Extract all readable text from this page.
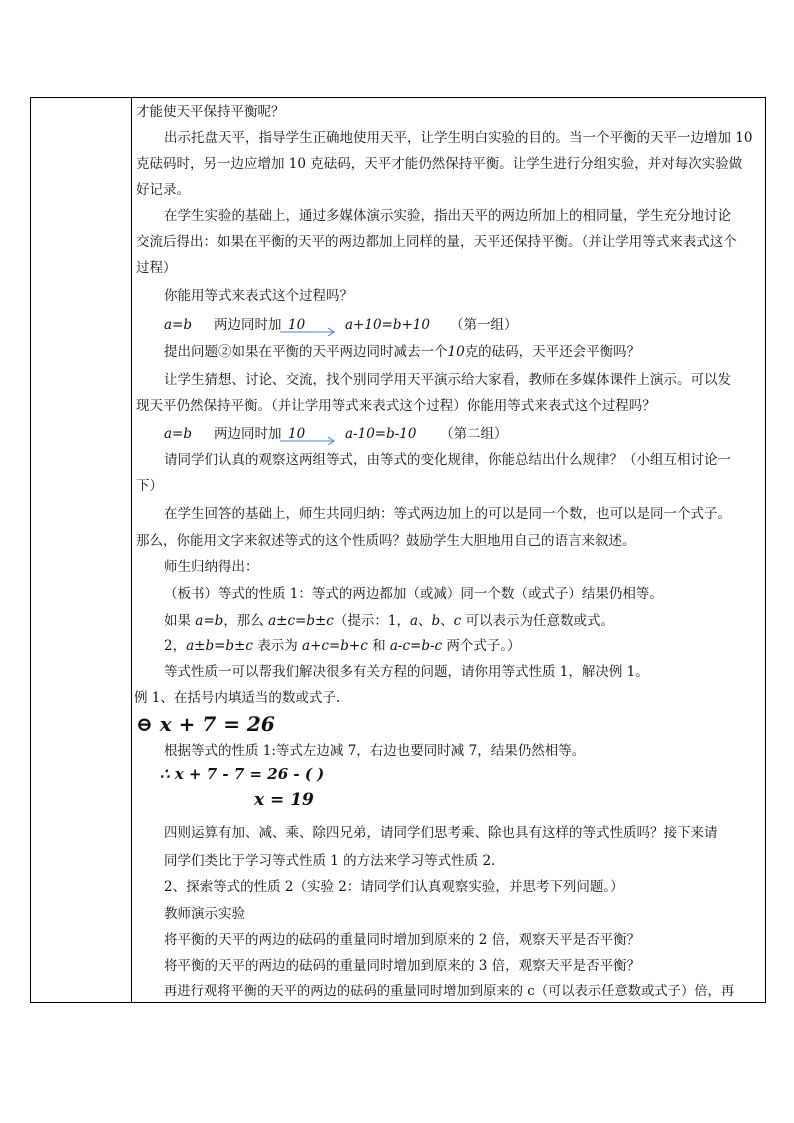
才能使天平保持平衡呢？
出示托盘天平，指导学生正确地使用天平，让学生明白实验的目的。当一个平衡的天平一边增加 10
克砝码时，另一边应增加 10 克砝码，天平才能仍然保持平衡。让学生进行分组实验，并对每次实验做
好记录。
在学生实验的基础上，通过多媒体演示实验，指出天平的两边所加上的相同量，学生充分地讨论
交流后得出：如果在平衡的天平的两边都加上同样的量，天平还保持平衡。（并让学用等式来表式这个
过程）
你能用等式来表式这个过程吗？
a=b 两边同时加 10	a+10=b+10 （第一组）
提出问题②如果在平衡的天平两边同时减去一个10克的砝码，天平还会平衡吗？
让学生猜想、讨论、交流，找个别同学用天平演示给大家看，教师在多媒体课件上演示。可以发
现天平仍然保持平衡。（并让学用等式来表式这个过程）你能用等式来表式这个过程吗？
a=b 两边同时加 10	a-10=b-10 （第二组）
请同学们认真的观察这两组等式，由等式的变化规律，你能总结出什么规律？（小组互相讨论一
下）
在学生回答的基础上，师生共同归纳：等式两边加上的可以是同一个数，也可以是同一个式子。
那么，你能用文字来叙述等式的这个性质吗？鼓励学生大胆地用自己的语言来叙述。
师生归纳得出：
（板书）等式的性质 1：等式的两边都加（或减）同一个数（或式子）结果仍相等。
如果 a=b，那么 a±c=b±c（提示：1，a、b、c 可以表示为任意数或式。
2，a±b=b±c 表示为 a+c=b+c 和 a-c=b-c 两个式子。）
等式性质一可以帮我们解决很多有关方程的问题，请你用等式性质 1，解决例 1。
例 1、在括号内填适当的数或式子.
⊖ x + 7 = 26
根据等式的性质 1:等式左边减 7，右边也要同时减 7，结果仍然相等。
∴ x + 7 - 7 = 26 - ( )
x = 19
四则运算有加、减、乘、除四兄弟，请同学们思考乘、除也具有这样的等式性质吗？接下来请
同学们类比于学习等式性质 1 的方法来学习等式性质 2.
2、探索等式的性质 2（实验 2：请同学们认真观察实验，并思考下列问题。）
教师演示实验
将平衡的天平的两边的砝码的重量同时增加到原来的 2 倍，观察天平是否平衡？
将平衡的天平的两边的砝码的重量同时增加到原来的 3 倍，观察天平是否平衡？
再进行观将平衡的天平的两边的砝码的重量同时增加到原来的 c（可以表示任意数或式子）倍，再
